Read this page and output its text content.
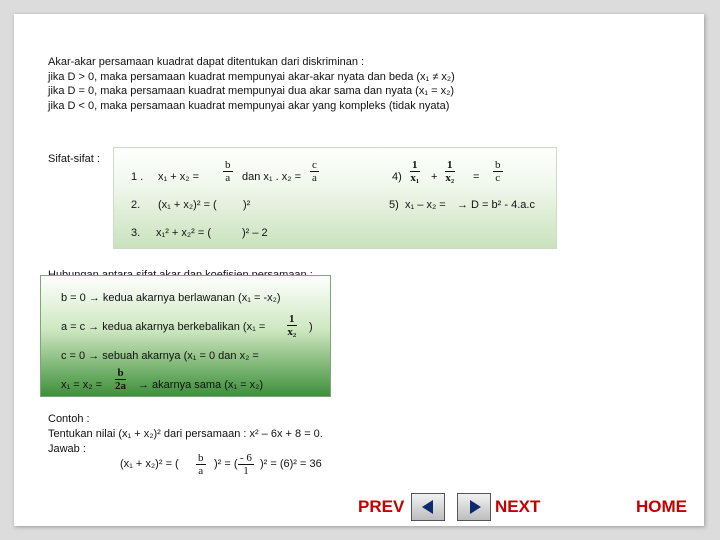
Akar-akar persamaan kuadrat dapat ditentukan dari diskriminan :
jika D > 0, maka persamaan kuadrat mempunyai akar-akar nyata dan beda (x₁ ≠ x₂)
jika D = 0, maka persamaan kuadrat mempunyai dua akar sama dan nyata (x₁ = x₂)
jika D < 0, maka persamaan kuadrat mempunyai akar yang kompleks (tidak nyata)
Sifat-sifat :
1 . $x_1 + x_2 = \frac{b}{a}$ dan x₁ . $x_2 = \frac{c}{a}$	$4) \frac{1}{\text{x₁}} + \frac{1}{\text{x₂}} = \frac{b}{c}$
2. (x₁ + x₂)² = ( )²	5) x₁ – x₂ = → D = b² - 4.a.c
3. x₁² + x₂² = (	)² – 2
b = 0 → kedua akarnya berlawanan (x₁ = -x₂)
a = c → kedua akarnya berkebalikan ($x_1 = \frac{1}{\text{x₂}}$ )
c = 0 → sebuah akarnya (x₁ = 0 dan x₂ =
$x_1 = x_2 = \frac{b}{2a}$ → akarnya sama (x₁ = x₂)
Contoh :
Tentukan nilai (x₁ + x₂)² dari persamaan : x² – 6x + 8 = 0.
Jawab :
(x₁ + x₂)² = ( $\frac{b}{a} )^2$ = ( $\frac{- 6}{1} )^2 = (6)^2 = 36$
PREV	NEXT	HOME
